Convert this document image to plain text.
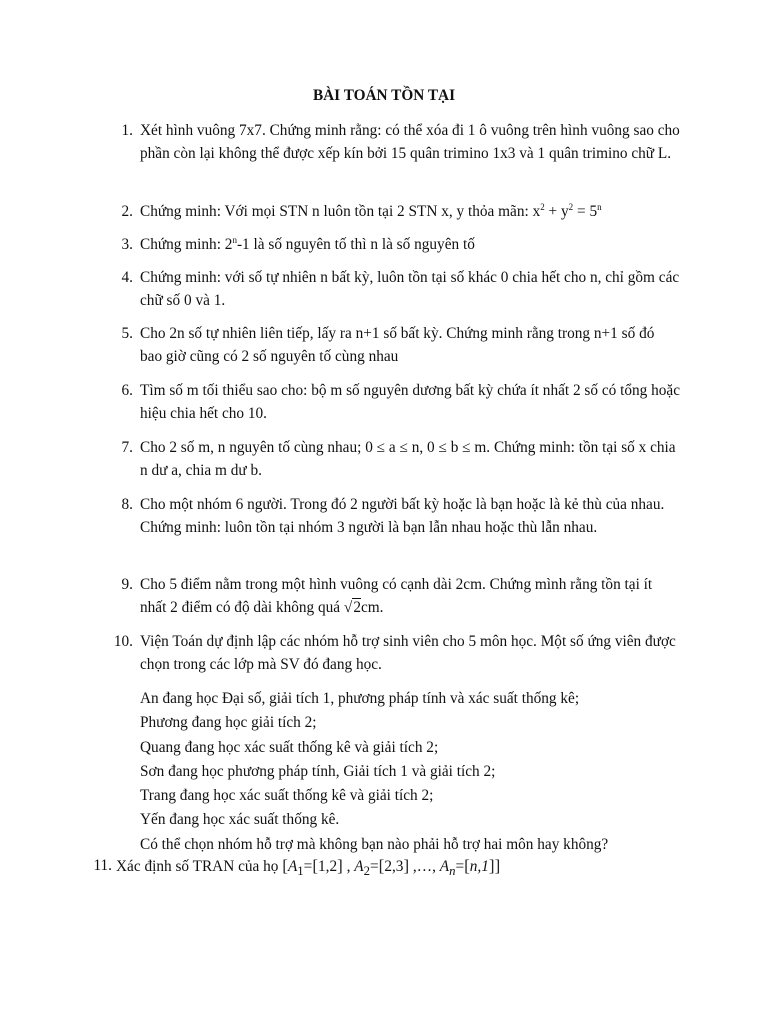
BÀI TOÁN TỒN TẠI
1. Xét hình vuông 7x7. Chứng minh rằng: có thể xóa đi 1 ô vuông trên hình vuông sao cho phần còn lại không thể được xếp kín bởi 15 quân trimino 1x3 và 1 quân trimino chữ L.
2. Chứng minh: Với mọi STN n luôn tồn tại 2 STN x, y thỏa mãn: $x^2 + y^2 = 5^n$
3. Chứng minh: 2$^n$-1 là số nguyên tố thì n là số nguyên tố
4. Chứng minh: với số tự nhiên n bất kỳ, luôn tồn tại số khác 0 chia hết cho n, chỉ gồm các chữ số 0 và 1.
5. Cho 2n số tự nhiên liên tiếp, lấy ra n+1 số bất kỳ. Chứng minh rằng trong n+1 số đó bao giờ cũng có 2 số nguyên tố cùng nhau
6. Tìm số m tối thiểu sao cho: bộ m số nguyên dương bất kỳ chứa ít nhất 2 số có tổng hoặc hiệu chia hết cho 10.
7. Cho 2 số m, n nguyên tố cùng nhau; 0 ≤ a ≤ n, 0 ≤ b ≤ m. Chứng minh: tồn tại số x chia n dư a, chia m dư b.
8. Cho một nhóm 6 người. Trong đó 2 người bất kỳ hoặc là bạn hoặc là kẻ thù của nhau. Chứng minh: luôn tồn tại nhóm 3 người là bạn lẫn nhau hoặc thù lẫn nhau.
9. Cho 5 điểm nằm trong một hình vuông có cạnh dài 2cm. Chứng mình rằng tồn tại ít nhất 2 điểm có độ dài không quá √2cm.
10. Viện Toán dự định lập các nhóm hỗ trợ sinh viên cho 5 môn học. Một số ứng viên được chọn trong các lớp mà SV đó đang học.
An đang học Đại số, giải tích 1, phương pháp tính và xác suất thống kê;
Phương đang học giải tích 2;
Quang đang học xác suất thống kê và giải tích 2;
Sơn đang học phương pháp tính, Giải tích 1 và giải tích 2;
Trang đang học xác suất thống kê và giải tích 2;
Yến đang học xác suất thống kê.
Có thể chọn nhóm hỗ trợ mà không bạn nào phải hỗ trợ hai môn hay không?
11. Xác định số TRAN của họ [$A_1=[1,2]$ , $A_2=[2,3]$ ,…, $A_n=[n,1]$]
